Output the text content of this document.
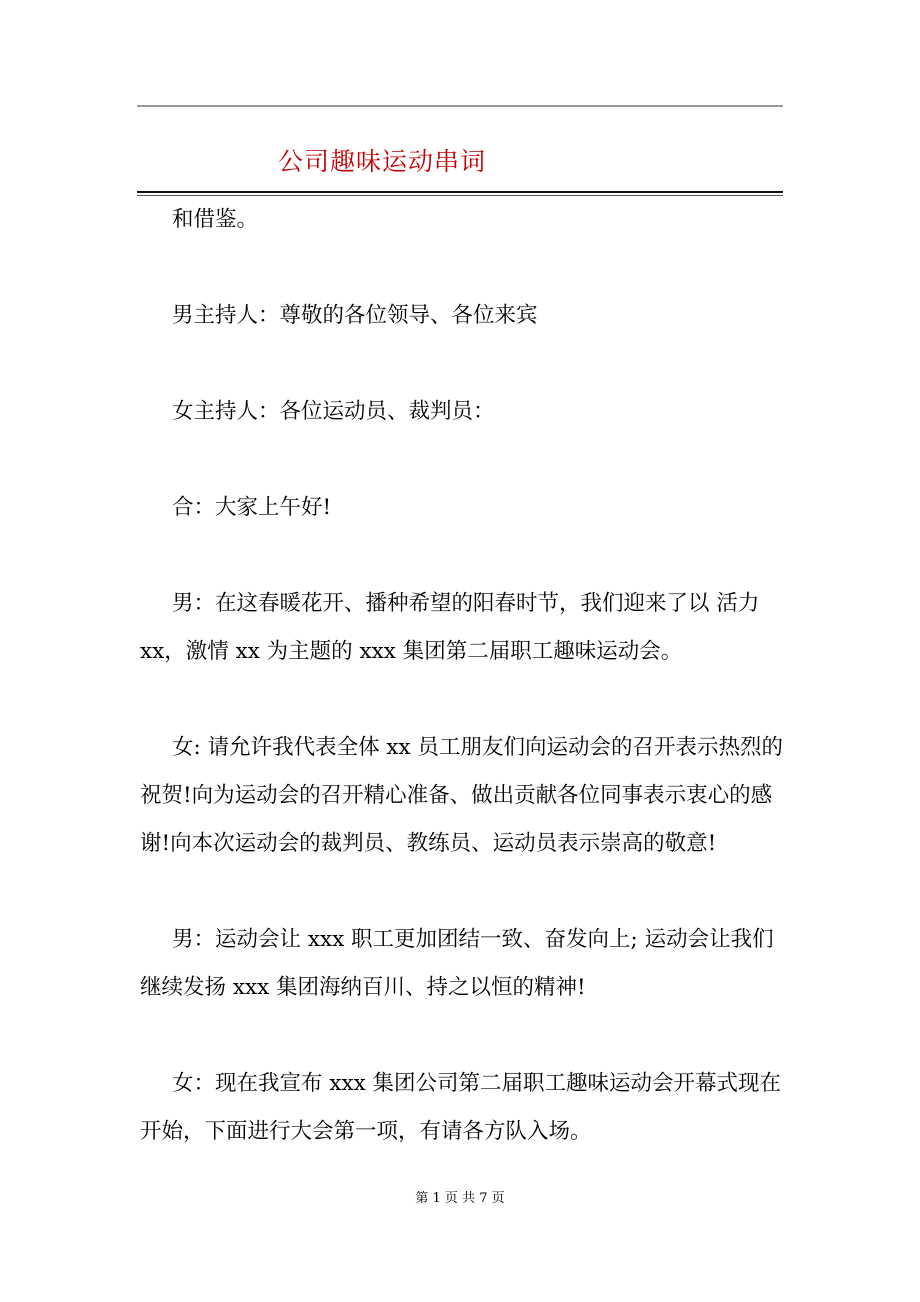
公司趣味运动串词
和借鉴。
男主持人：尊敬的各位领导、各位来宾
女主持人：各位运动员、裁判员：
合：大家上午好!
男：在这春暖花开、播种希望的阳春时节，我们迎来了以 活力
xx，激情 xx 为主题的 xxx 集团第二届职工趣味运动会。
女: 请允许我代表全体 xx 员工朋友们向运动会的召开表示热烈的
祝贺!向为运动会的召开精心准备、做出贡献各位同事表示衷心的感
谢!向本次运动会的裁判员、教练员、运动员表示崇高的敬意!
男：运动会让 xxx 职工更加团结一致、奋发向上; 运动会让我们
继续发扬 xxx 集团海纳百川、持之以恒的精神!
女：现在我宣布 xxx 集团公司第二届职工趣味运动会开幕式现在
开始，下面进行大会第一项，有请各方队入场。
第 1 页 共 7 页
